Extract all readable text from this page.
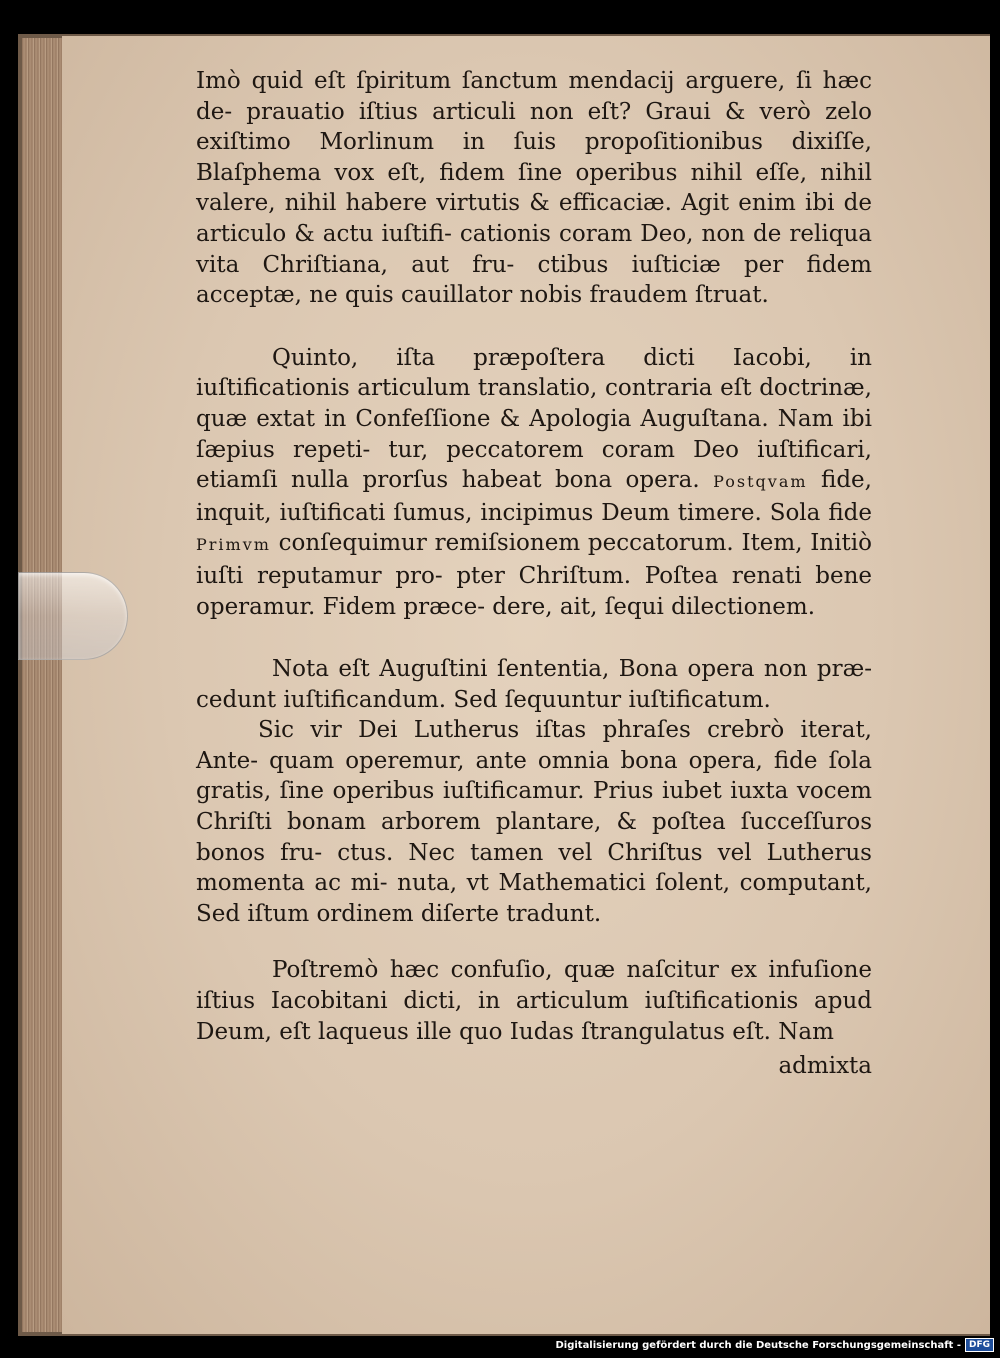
Imò quid eſt ſpiritum ſanctum mendacij arguere, ſi hæc de- prauatio iſtius articuli non eſt? Graui & verò zelo exiſtimo Morlinum in ſuis propoſitionibus dixiſſe, Blaſphema vox eſt, fidem ſine operibus nihil eſſe, nihil valere, nihil habere virtutis & efficaciæ. Agit enim ibi de articulo & actu iuſtifi- cationis coram Deo, non de reliqua vita Chriſtiana, aut fru- ctibus iuſticiæ per fidem acceptæ, ne quis cauillator nobis fraudem ſtruat.

Quinto, iſta præpoſtera dicti Iacobi, in iuſtificationis articulum translatio, contraria eſt doctrinæ, quæ extat in Confeſſione & Apologia Auguſtana. Nam ibi ſæpius repeti- tur, peccatorem coram Deo iuſtificari, etiamſi nulla prorſus habeat bona opera. Postqvam fide, inquit, iuſtificati ſumus, incipimus Deum timere. Sola fide Primvm conſequimur remiſsionem peccatorum. Item, Initiò iuſti reputamur pro- pter Chriſtum. Poſtea renati bene operamur. Fidem præce- dere, ait, ſequi dilectionem.

Nota eſt Auguſtini ſententia, Bona opera non præ- cedunt iuſtificandum. Sed ſequuntur iuſtificatum.

Sic vir Dei Lutherus iſtas phraſes crebrò iterat, Ante- quam operemur, ante omnia bona opera, fide ſola gratis, ſine operibus iuſtificamur. Prius iubet iuxta vocem Chriſti bonam arborem plantare, & poſtea ſucceſſuros bonos fru- ctus. Nec tamen vel Chriſtus vel Lutherus momenta ac mi- nuta, vt Mathematici ſolent, computant, Sed iſtum ordinem diſerte tradunt.

Poſtremò hæc confuſio, quæ naſcitur ex infuſione iſtius Iacobitani dicti, in articulum iuſtificationis apud Deum, eſt laqueus ille quo Iudas ſtrangulatus eſt. Nam

admixta

Digitalisierung gefördert durch die Deutsche Forschungsgemeinschaft - DFG
